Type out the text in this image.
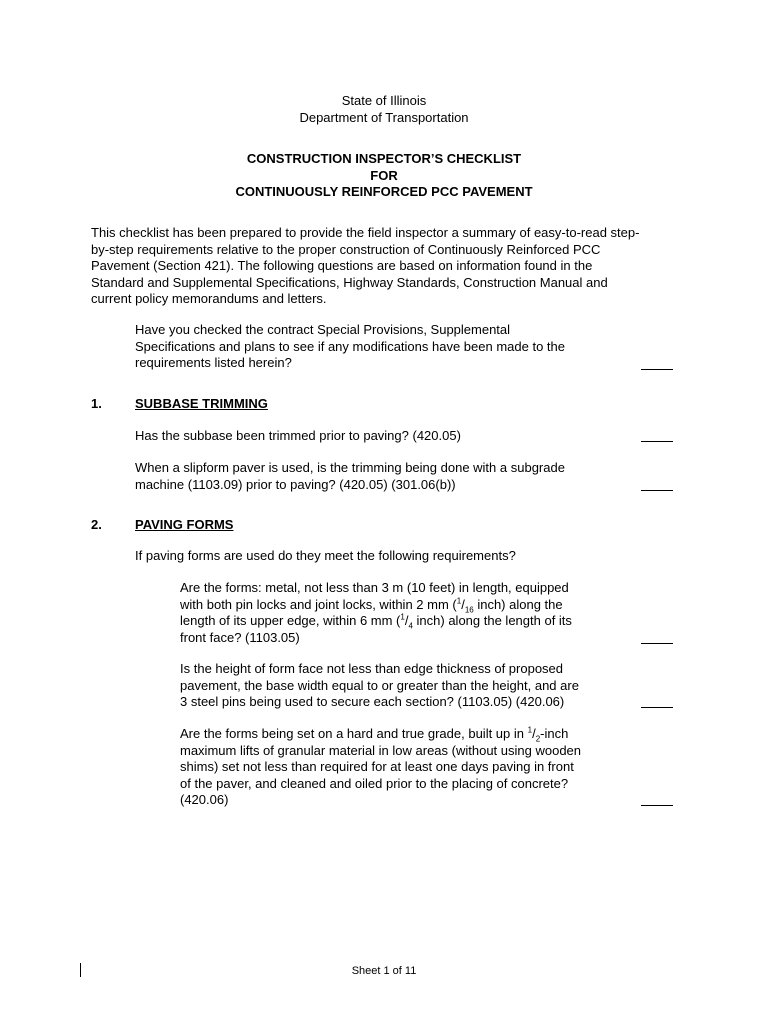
State of Illinois
Department of Transportation
CONSTRUCTION INSPECTOR’S CHECKLIST
FOR
CONTINUOUSLY REINFORCED PCC PAVEMENT
This checklist has been prepared to provide the field inspector a summary of easy-to-read step-
by-step requirements relative to the proper construction of Continuously Reinforced PCC
Pavement (Section 421). The following questions are based on information found in the
Standard and Supplemental Specifications, Highway Standards, Construction Manual and
current policy memorandums and letters.
Have you checked the contract Special Provisions, Supplemental
Specifications and plans to see if any modifications have been made to the
requirements listed herein?
1.	SUBBASE TRIMMING
Has the subbase been trimmed prior to paving? (420.05)
When a slipform paver is used, is the trimming being done with a subgrade
machine (1103.09) prior to paving? (420.05) (301.06(b))
2.	PAVING FORMS
If paving forms are used do they meet the following requirements?
Are the forms: metal, not less than 3 m (10 feet) in length, equipped
with both pin locks and joint locks, within 2 mm ($^1/_{16}$ inch) along the
length of its upper edge, within 6 mm ($^1/_4$ inch) along the length of its
front face? (1103.05)
Is the height of form face not less than edge thickness of proposed
pavement, the base width equal to or greater than the height, and are
3 steel pins being used to secure each section? (1103.05) (420.06)
Are the forms being set on a hard and true grade, built up in $^1/_2$-inch
maximum lifts of granular material in low areas (without using wooden
shims) set not less than required for at least one days paving in front
of the paver, and cleaned and oiled prior to the placing of concrete?
(420.06)
Sheet 1 of 11
